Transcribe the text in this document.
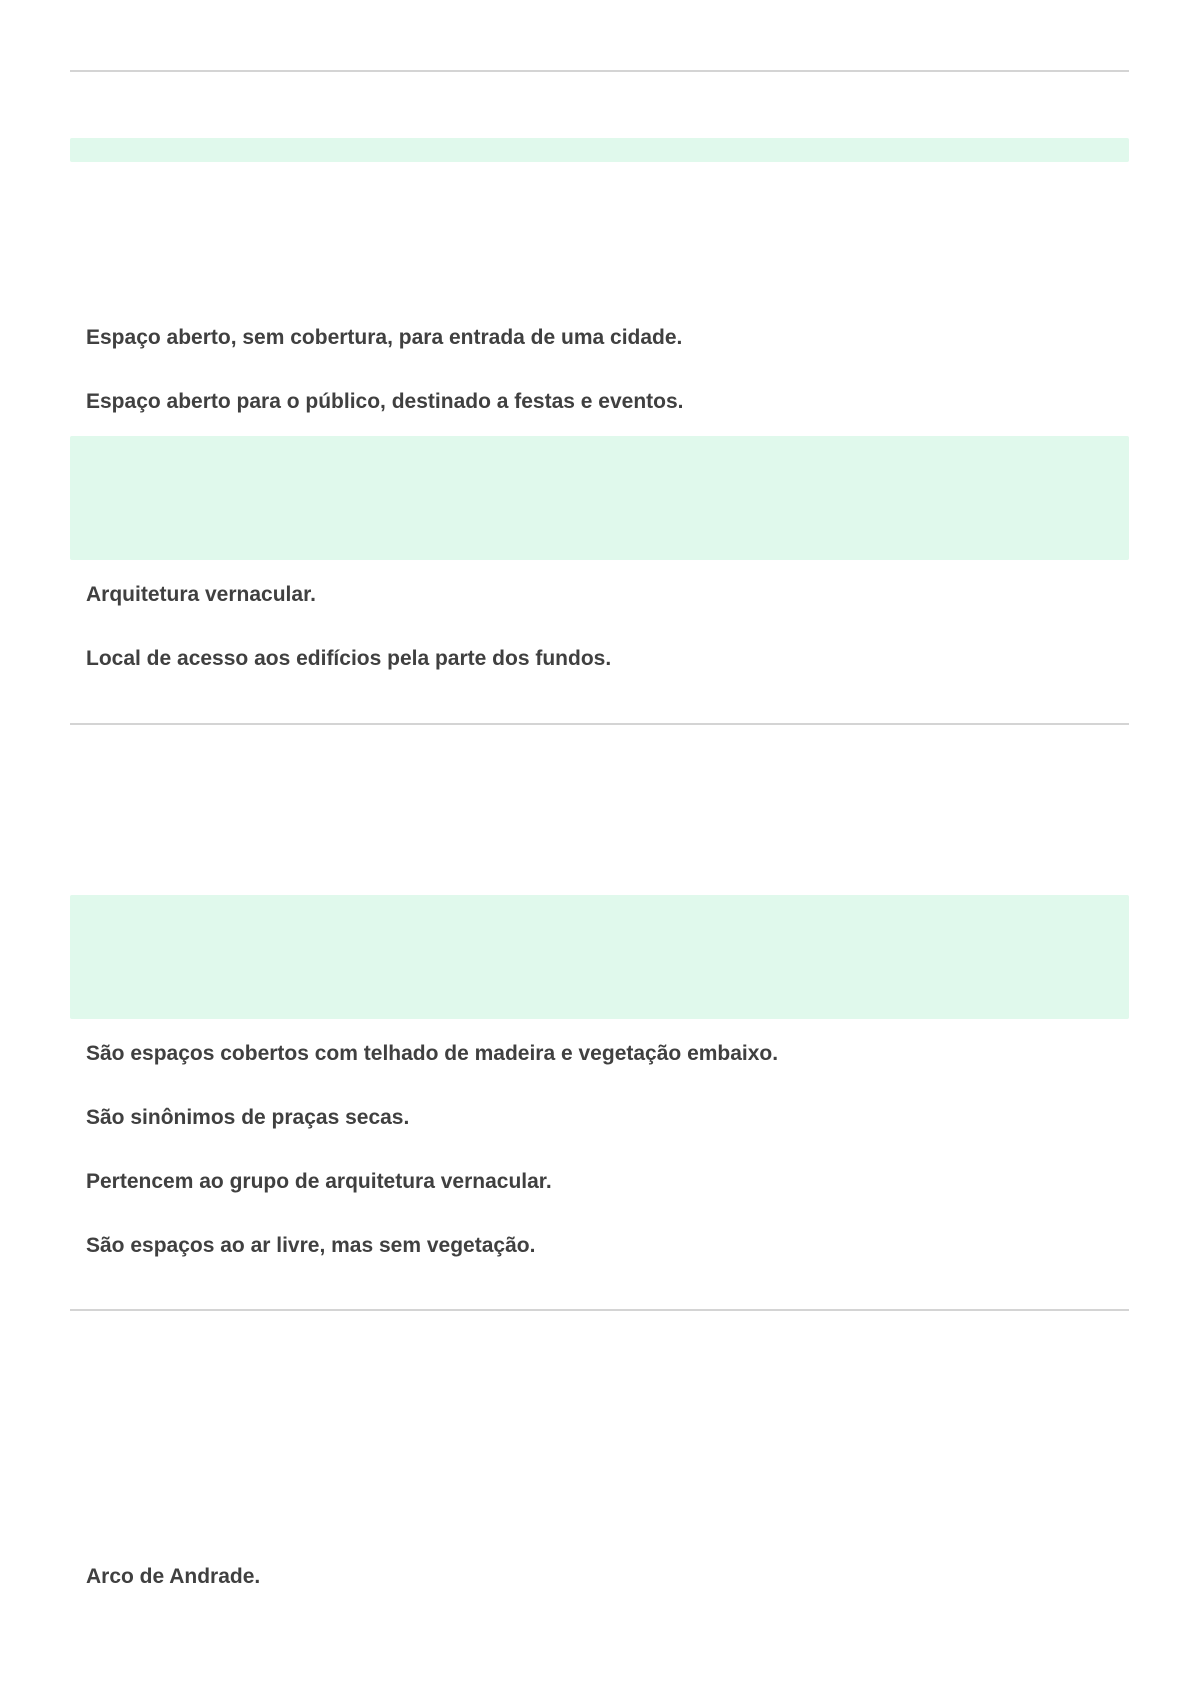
Espaço aberto, sem cobertura, para entrada de uma cidade.

Espaço aberto para o público, destinado a festas e eventos.

Arquitetura vernacular.

Local de acesso aos edifícios pela parte dos fundos.

São espaços cobertos com telhado de madeira e vegetação embaixo.

São sinônimos de praças secas.

Pertencem ao grupo de arquitetura vernacular.

São espaços ao ar livre, mas sem vegetação.

Arco de Andrade.
